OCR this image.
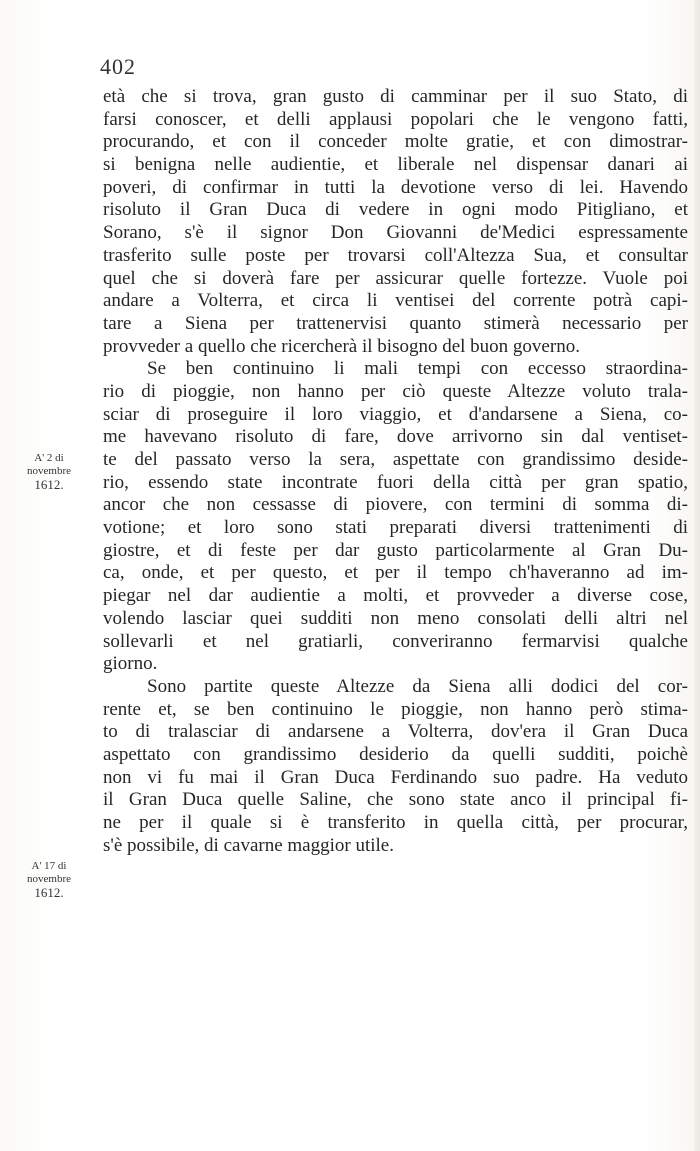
402
A' 2 di
novembre
1612.
A' 17 di
novembre
1612.
età che si trova, gran gusto di camminar per il suo Stato, di
farsi conoscer, et delli applausi popolari che le vengono fatti,
procurando, et con il conceder molte gratie, et con dimostrar-
si benigna nelle audientie, et liberale nel dispensar danari ai
poveri, di confirmar in tutti la devotione verso di lei. Havendo
risoluto il Gran Duca di vedere in ogni modo Pitigliano, et
Sorano, s'è il signor Don Giovanni de'Medici espressamente
trasferito sulle poste per trovarsi coll'Altezza Sua, et consultar
quel che si doverà fare per assicurar quelle fortezze. Vuole poi
andare a Volterra, et circa li ventisei del corrente potrà capi-
tare a Siena per trattenervisi quanto stimerà necessario per
provveder a quello che ricercherà il bisogno del buon governo.
Se ben continuino li mali tempi con eccesso straordina-
rio di pioggie, non hanno per ciò queste Altezze voluto trala-
sciar di proseguire il loro viaggio, et d'andarsene a Siena, co-
me havevano risoluto di fare, dove arrivorno sin dal ventiset-
te del passato verso la sera, aspettate con grandissimo deside-
rio, essendo state incontrate fuori della città per gran spatio,
ancor che non cessasse di piovere, con termini di somma di-
votione; et loro sono stati preparati diversi trattenimenti di
giostre, et di feste per dar gusto particolarmente al Gran Du-
ca, onde, et per questo, et per il tempo ch'haveranno ad im-
piegar nel dar audientie a molti, et provveder a diverse cose,
volendo lasciar quei sudditi non meno consolati delli altri nel
sollevarli et nel gratiarli, converiranno fermarvisi qualche
giorno.
Sono partite queste Altezze da Siena alli dodici del cor-
rente et, se ben continuino le pioggie, non hanno però stima-
to di tralasciar di andarsene a Volterra, dov'era il Gran Duca
aspettato con grandissimo desiderio da quelli sudditi, poichè
non vi fu mai il Gran Duca Ferdinando suo padre. Ha veduto
il Gran Duca quelle Saline, che sono state anco il principal fi-
ne per il quale si è transferito in quella città, per procurar,
s'è possibile, di cavarne maggior utile.
